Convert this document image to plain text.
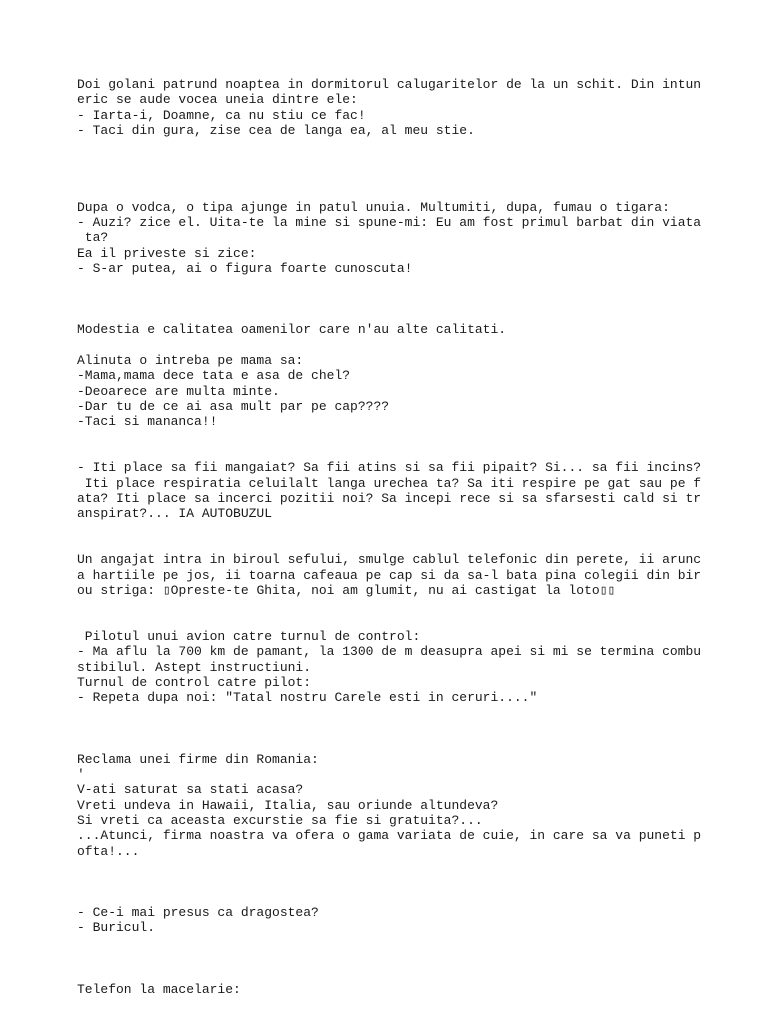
Doi golani patrund noaptea in dormitorul calugaritelor de la un schit. Din intun

eric se aude vocea uneia dintre ele:

- Iarta-i, Doamne, ca nu stiu ce fac!

- Taci din gura, zise cea de langa ea, al meu stie.

Dupa o vodca, o tipa ajunge in patul unuia. Multumiti, dupa, fumau o tigara:

- Auzi? zice el. Uita-te la mine si spune-mi: Eu am fost primul barbat din viata

ta?

Ea il priveste si zice:

- S-ar putea, ai o figura foarte cunoscuta!

Modestia e calitatea oamenilor care n'au alte calitati.

Alinuta o intreba pe mama sa:

-Mama,mama dece tata e asa de chel?

-Deoarece are multa minte.

-Dar tu de ce ai asa mult par pe cap????

-Taci si mananca!!

- Iti place sa fii mangaiat? Sa fii atins si sa fii pipait? Si... sa fii incins?

Iti place respiratia celuilalt langa urechea ta? Sa iti respire pe gat sau pe f

ata? Iti place sa incerci pozitii noi? Sa incepi rece si sa sfarsesti cald si tr

anspirat?... IA AUTOBUZUL

Un angajat intra in biroul sefului, smulge cablul telefonic din perete, ii arunc

a hartiile pe jos, ii toarna cafeaua pe cap si da sa-l bata pina colegii din bir

ou striga: ▯Opreste-te Ghita, noi am glumit, nu ai castigat la loto▯▯

Pilotul unui avion catre turnul de control:

- Ma aflu la 700 km de pamant, la 1300 de m deasupra apei si mi se termina combu

stibilul. Astept instructiuni.

Turnul de control catre pilot:

- Repeta dupa noi: "Tatal nostru Carele esti in ceruri...."

Reclama unei firme din Romania:

'

V-ati saturat sa stati acasa?

Vreti undeva in Hawaii, Italia, sau oriunde altundeva?

Si vreti ca aceasta excurstie sa fie si gratuita?...

...Atunci, firma noastra va ofera o gama variata de cuie, in care sa va puneti p

ofta!...

- Ce-i mai presus ca dragostea?

- Buricul.

Telefon la macelarie:
